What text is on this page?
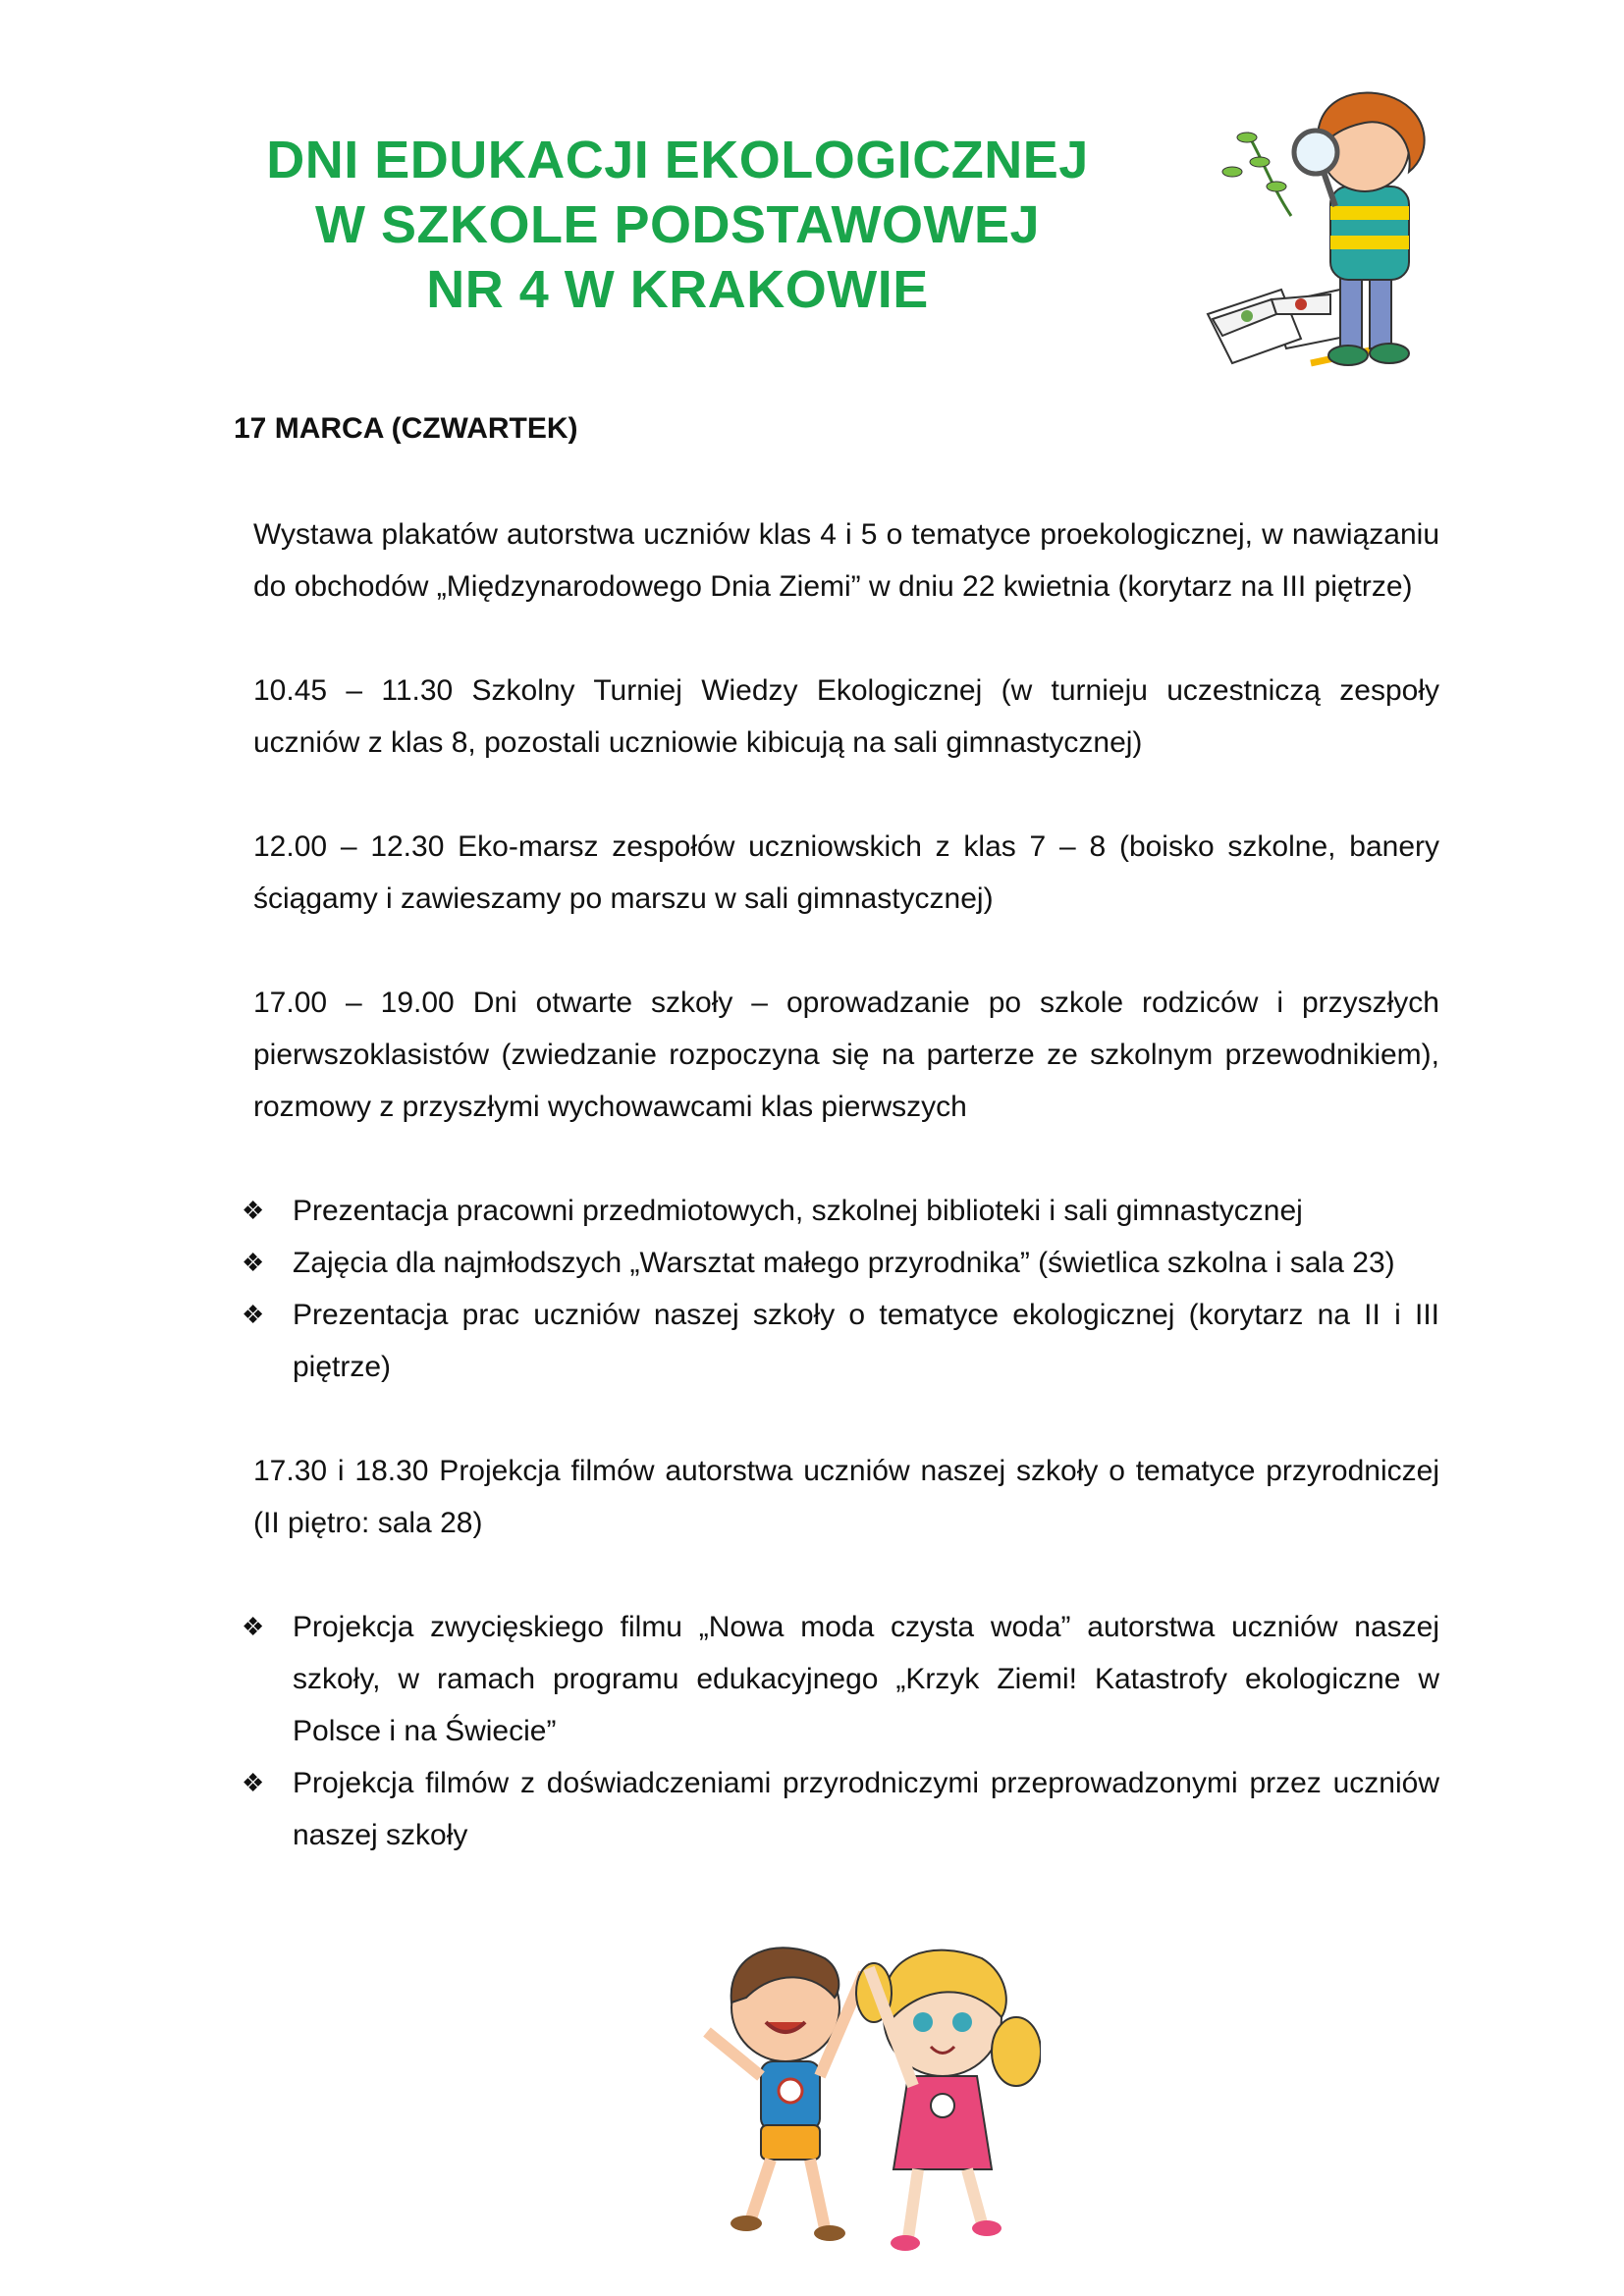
DNI EDUKACJI EKOLOGICZNEJ
W SZKOLE PODSTAWOWEJ
NR 4 W KRAKOWIE
17 MARCA (CZWARTEK)

Wystawa plakatów autorstwa uczniów klas 4 i 5 o tematyce proekologicznej, w nawiązaniu do obchodów „Międzynarodowego Dnia Ziemi” w dniu 22 kwietnia (korytarz na III piętrze)

10.45 – 11.30 Szkolny Turniej Wiedzy Ekologicznej (w turnieju uczestniczą zespoły uczniów z klas 8, pozostali uczniowie kibicują na sali gimnastycznej)

12.00 – 12.30 Eko-marsz zespołów uczniowskich z klas 7 – 8 (boisko szkolne, banery ściągamy i zawieszamy po marszu w sali gimnastycznej)

17.00 – 19.00 Dni otwarte szkoły – oprowadzanie po szkole rodziców i przyszłych pierwszoklasistów (zwiedzanie rozpoczyna się na parterze ze szkolnym przewodnikiem), rozmowy z przyszłymi wychowawcami klas pierwszych

❖ Prezentacja pracowni przedmiotowych, szkolnej biblioteki i sali gimnastycznej
❖ Zajęcia dla najmłodszych „Warsztat małego przyrodnika” (świetlica szkolna i sala 23)
❖ Prezentacja prac uczniów naszej szkoły o tematyce ekologicznej (korytarz na II i III piętrze)

17.30 i 18.30 Projekcja filmów autorstwa uczniów naszej szkoły o tematyce przyrodniczej (II piętro: sala 28)

❖ Projekcja zwycięskiego filmu „Nowa moda czysta woda” autorstwa uczniów naszej szkoły, w ramach programu edukacyjnego „Krzyk Ziemi! Katastrofy ekologiczne w Polsce i na Świecie”
❖ Projekcja filmów z doświadczeniami przyrodniczymi przeprowadzonymi przez uczniów naszej szkoły
